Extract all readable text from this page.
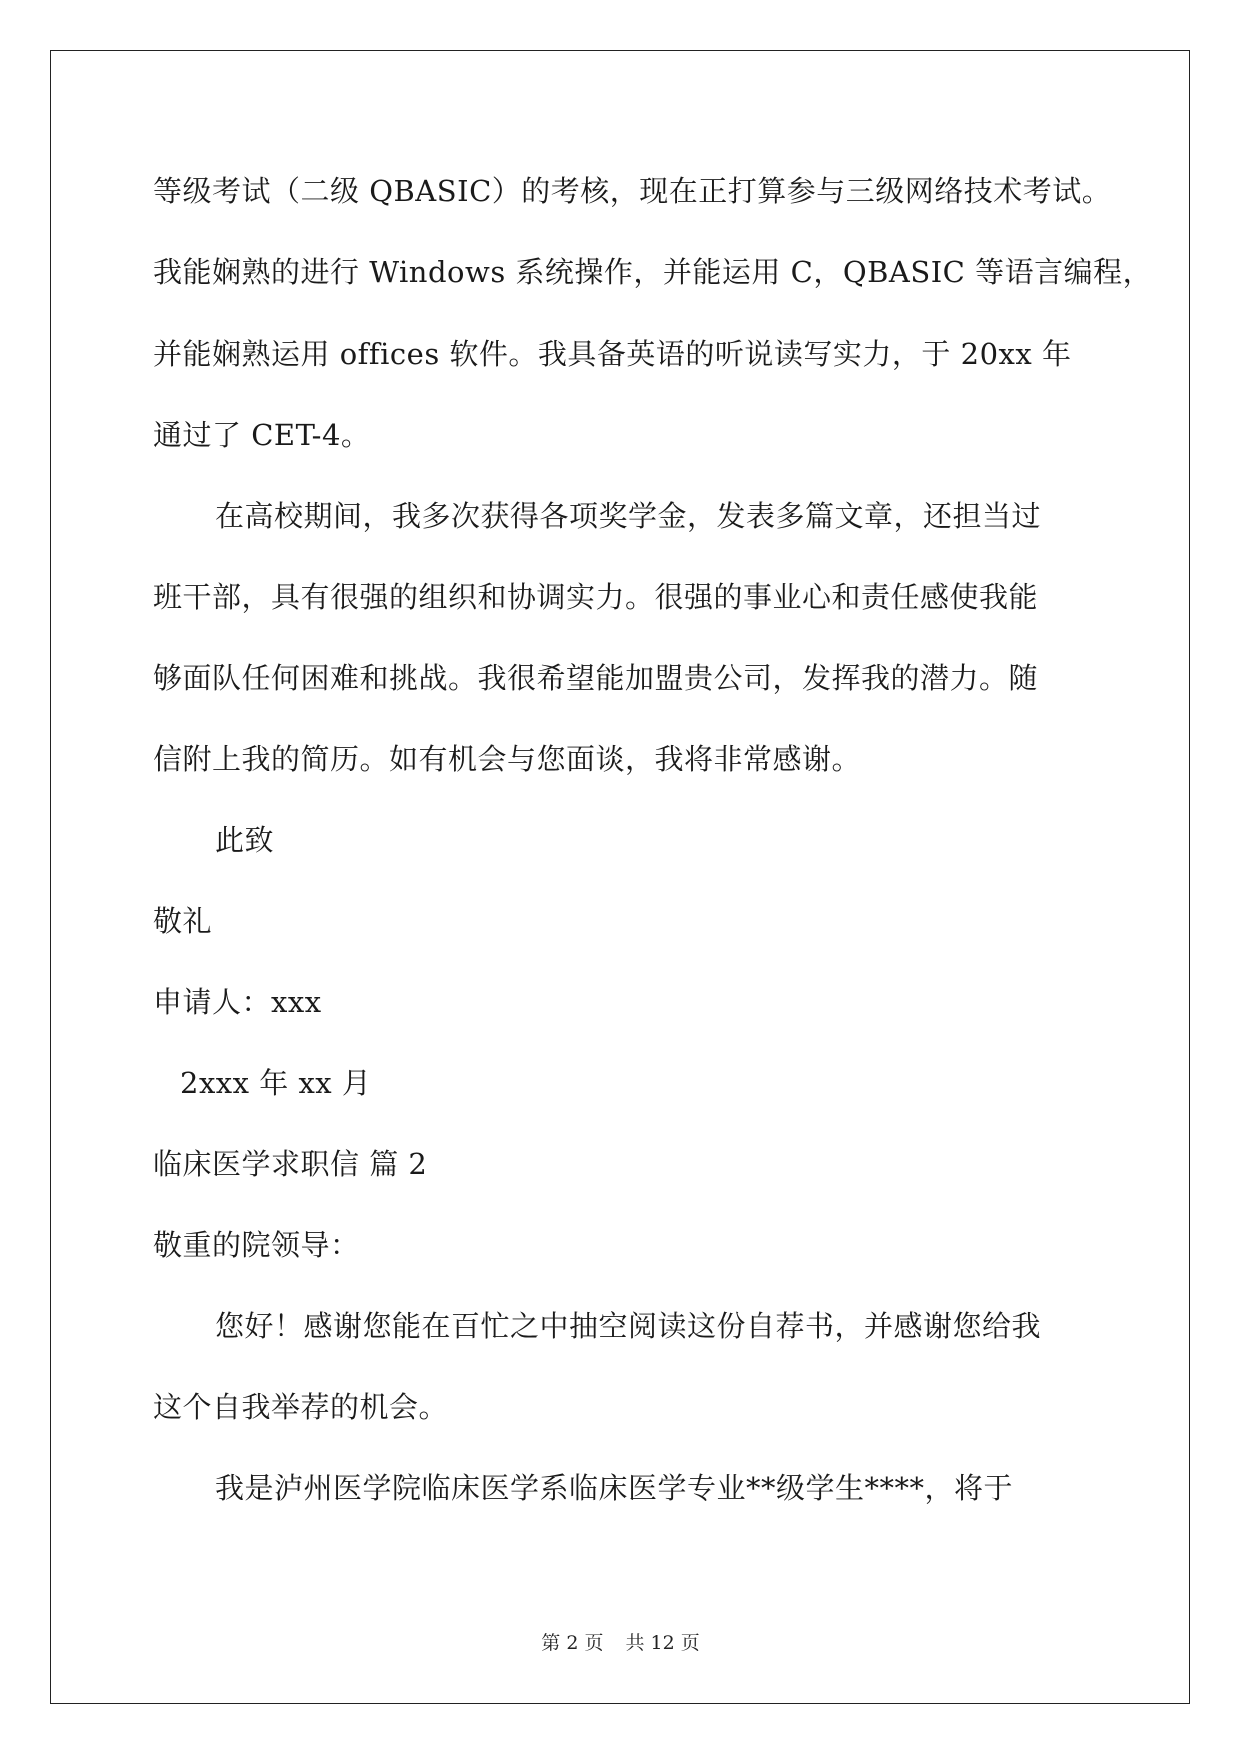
等级考试（二级 QBASIC）的考核，现在正打算参与三级网络技术考试。
我能娴熟的进行 Windows 系统操作，并能运用 C，QBASIC 等语言编程，
并能娴熟运用 offices 软件。我具备英语的听说读写实力，于 20xx 年
通过了 CET-4。
在高校期间，我多次获得各项奖学金，发表多篇文章，还担当过
班干部，具有很强的组织和协调实力。很强的事业心和责任感使我能
够面队任何困难和挑战。我很希望能加盟贵公司，发挥我的潜力。随
信附上我的简历。如有机会与您面谈，我将非常感谢。
此致
敬礼
申请人：xxx
2xxx 年 xx 月
临床医学求职信 篇 2
敬重的院领导：
您好！感谢您能在百忙之中抽空阅读这份自荐书，并感谢您给我
这个自我举荐的机会。
我是泸州医学院临床医学系临床医学专业**级学生****，将于
第 2 页 共 12 页
